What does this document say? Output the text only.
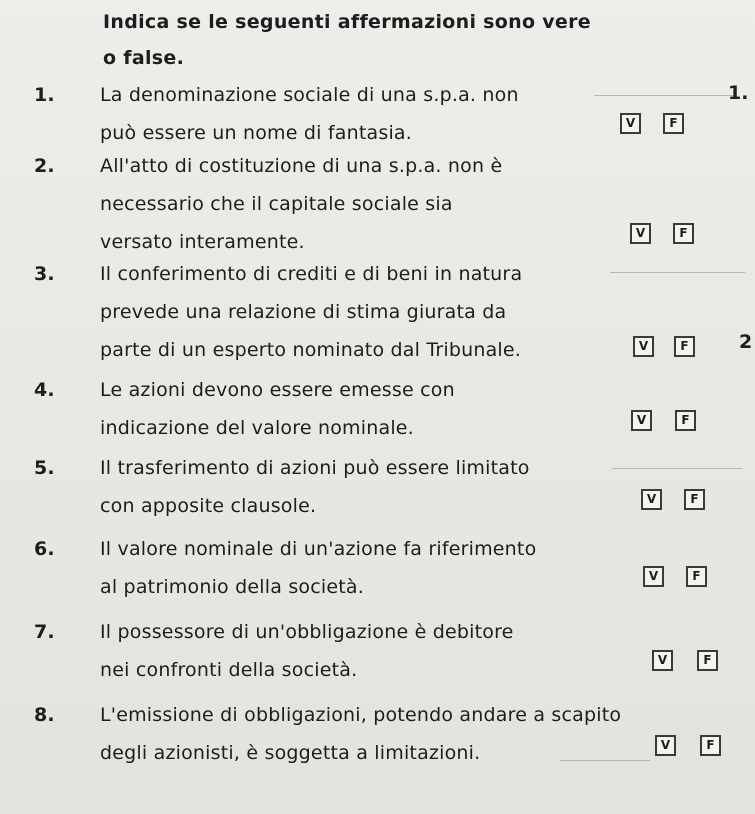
Indica se le seguenti affermazioni sono vere
o false.
1. La denominazione sociale di una s.p.a. non
può essere un nome di fantasia.
1.
V	F
2. All'atto di costituzione di una s.p.a. non è
necessario che il capitale sociale sia
versato interamente.	V	F
3. Il conferimento di crediti e di beni in natura
prevede una relazione di stima giurata da
parte di un esperto nominato dal Tribunale.	V	F	2
4. Le azioni devono essere emesse con
indicazione del valore nominale.	V	F
5. Il trasferimento di azioni può essere limitato
con apposite clausole.	V	F
6. Il valore nominale di un'azione fa riferimento
al patrimonio della società.	V	F
7. Il possessore di un'obbligazione è debitore
nei confronti della società.	V	F
8. L'emissione di obbligazioni, potendo andare a scapito
degli azionisti, è soggetta a limitazioni.	V	F
